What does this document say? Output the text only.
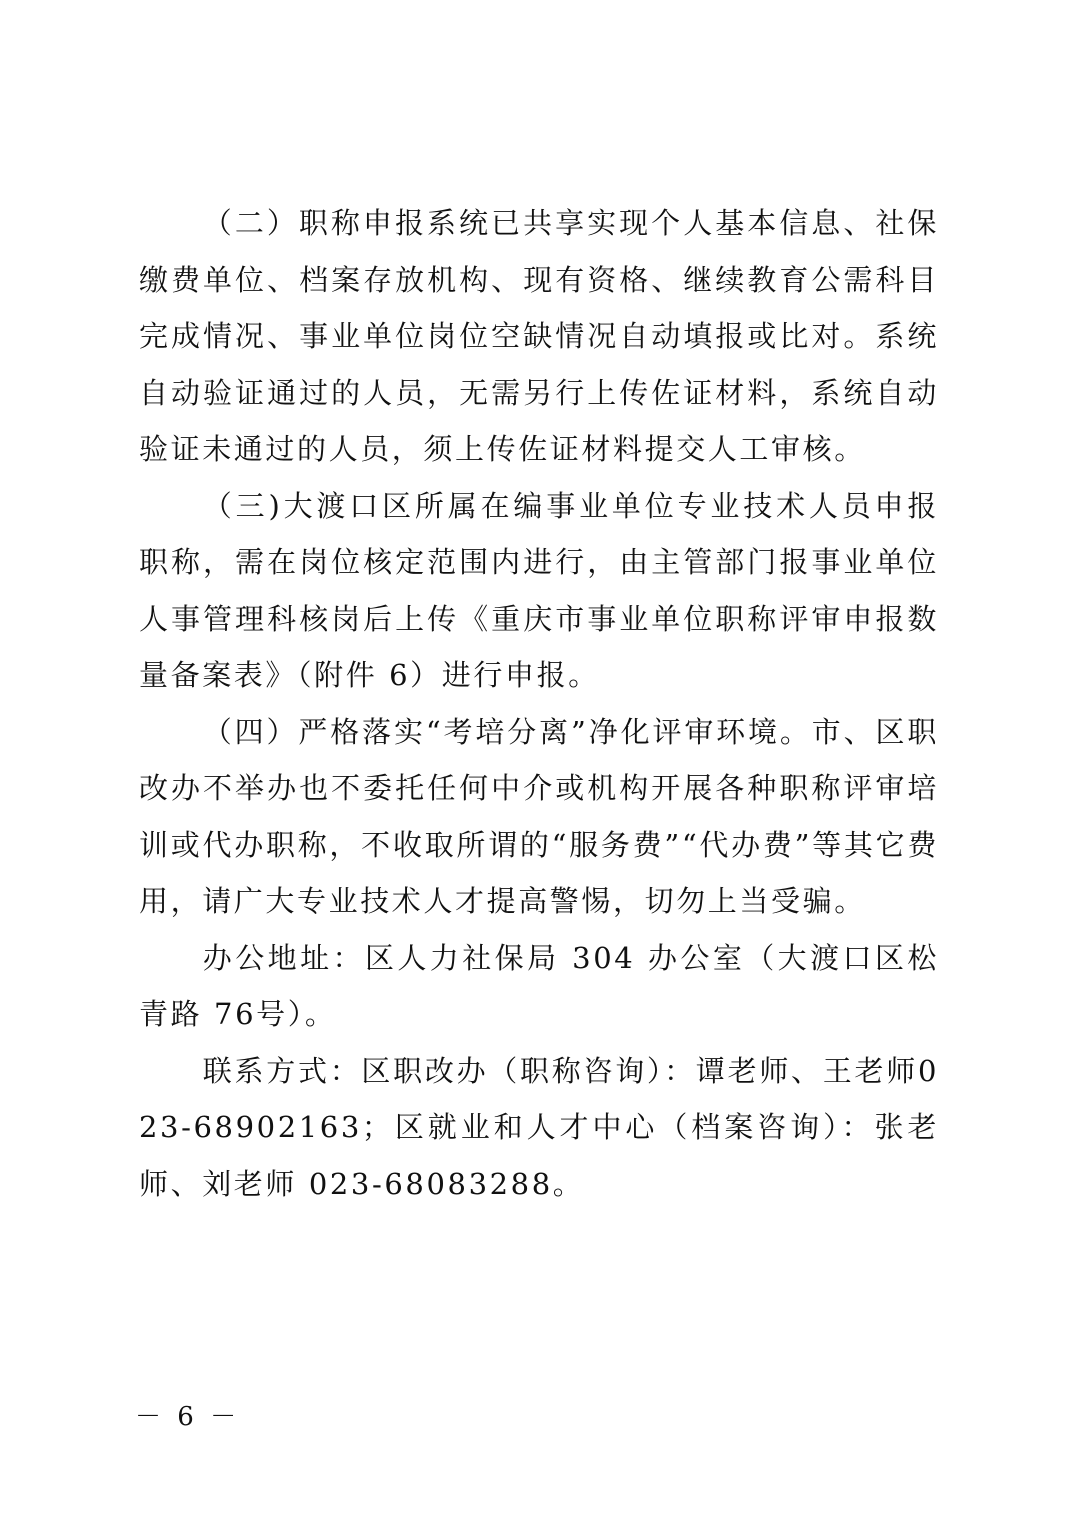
（二）职称申报系统已共享实现个人基本信息、社保缴费单位、档案存放机构、现有资格、继续教育公需科目完成情况、事业单位岗位空缺情况自动填报或比对。系统自动验证通过的人员，无需另行上传佐证材料，系统自动验证未通过的人员，须上传佐证材料提交人工审核。

（三)大渡口区所属在编事业单位专业技术人员申报职称，需在岗位核定范围内进行，由主管部门报事业单位人事管理科核岗后上传《重庆市事业单位职称评审申报数量备案表》（附件 6）进行申报。

（四）严格落实“考培分离”净化评审环境。市、区职改办不举办也不委托任何中介或机构开展各种职称评审培训或代办职称，不收取所谓的“服务费”“代办费”等其它费用，请广大专业技术人才提高警惕，切勿上当受骗。

办公地址：区人力社保局 304 办公室（大渡口区松青路 76号）。

联系方式：区职改办（职称咨询）：谭老师、王老师023-68902163；区就业和人才中心（档案咨询）：张老师、刘老师 023-68083288。

－ 6 －
